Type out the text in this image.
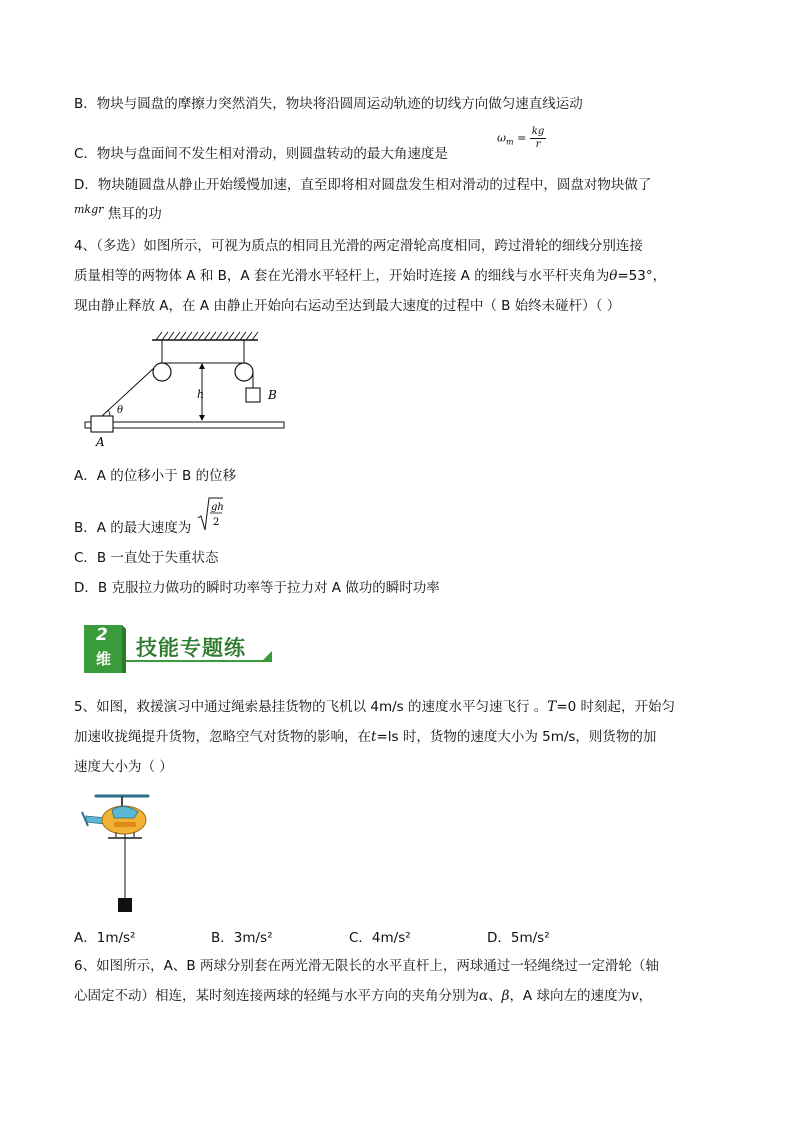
B．物块与圆盘的摩擦力突然消失，物块将沿圆周运动轨迹的切线方向做匀速直线运动
C．物块与盘面间不发生相对滑动，则圆盘转动的最大角速度是
$\omega_m = \frac{kg}{r}$
D．物块随圆盘从静止开始缓慢加速，直至即将相对圆盘发生相对滑动的过程中，圆盘对物块做了
$^{mkgr}$ 焦耳的功
4、（多选）如图所示，可视为质点的相同且光滑的两定滑轮高度相同，跨过滑轮的细线分别连接
质量相等的两物体 A 和 B，A 套在光滑水平轻杆上，开始时连接 A 的细线与水平杆夹角为θ=53°，
现由静止释放 A，在 A 由静止开始向右运动至达到最大速度的过程中（ B 始终未碰杆）（ ）
B
h
θ
A
A．A 的位移小于 B 的位移
B．A 的最大速度为
gh
2
C．B 一直处于失重状态
D．B 克服拉力做功的瞬时功率等于拉力对 A 做功的瞬时功率
2
维 技能专题练
5、如图，救援演习中通过绳索悬挂货物的飞机以 4m/s 的速度水平匀速飞行 。T=0 时刻起，开始匀
加速收拢绳提升货物，忽略空气对货物的影响，在t=ls 时，货物的速度大小为 5m/s，则货物的加
速度大小为（ ）
A．1m/s²	B．3m/s²	C．4m/s²	D．5m/s²
6、如图所示，A、B 两球分别套在两光滑无限长的水平直杆上，两球通过一轻绳绕过一定滑轮（轴
心固定不动）相连，某时刻连接两球的轻绳与水平方向的夹角分别为α、β，A 球向左的速度为v，
